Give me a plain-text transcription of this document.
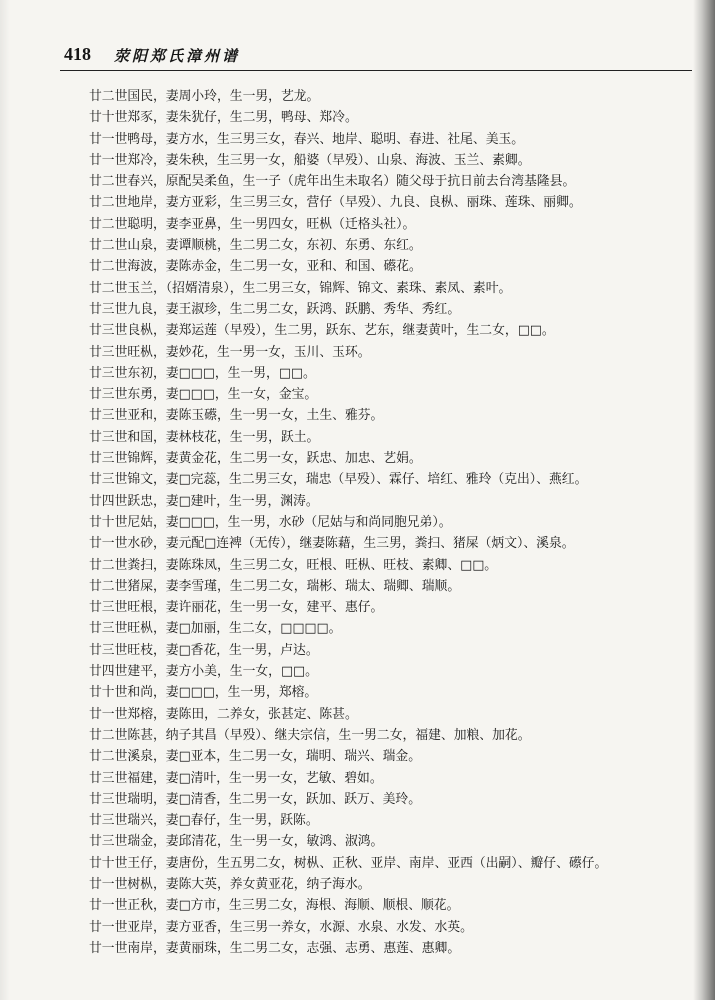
418 荥阳郑氏漳州谱
廿二世国民，妻周小玲，生一男，艺龙。
廿十世郑豕，妻朱犹仔，生二男，鸭母、郑冷。
廿一世鸭母，妻方水，生三男三女，春兴、地岸、聪明、春进、社尾、美玉。
廿一世郑冷，妻朱秧，生三男一女，船婆（早殁）、山泉、海波、玉兰、素卿。
廿二世春兴，原配吴柔鱼，生一子（虎年出生未取名）随父母于抗日前去台湾基隆县。
廿二世地岸，妻方亚彩，生三男三女，营仔（早殁）、九良、良枞、丽珠、莲珠、丽卿。
廿二世聪明，妻李亚鼻，生一男四女，旺枞（迁格头社）。
廿二世山泉，妻谭顺桃，生二男二女，东初、东勇、东红。
廿二世海波，妻陈赤金，生二男一女，亚和、和国、礤花。
廿二世玉兰，（招婿清泉），生二男三女，锦辉、锦文、素珠、素凤、素叶。
廿三世九良，妻王淑珍，生二男二女，跃鸿、跃鹏、秀华、秀红。
廿三世良枞，妻郑运莲（早殁），生二男，跃东、艺东，继妻黄叶，生二女，□□。
廿三世旺枞，妻妙花，生一男一女，玉川、玉环。
廿三世东初，妻□□□，生一男，□□。
廿三世东勇，妻□□□，生一女，金宝。
廿三世亚和，妻陈玉礤，生一男一女，土生、雅芬。
廿三世和国，妻林枝花，生一男，跃土。
廿三世锦辉，妻黄金花，生二男一女，跃忠、加忠、艺娟。
廿三世锦文，妻□完蕊，生二男三女，瑞忠（早殁）、霖仔、培红、雅玲（克出）、燕红。
廿四世跃忠，妻□建叶，生一男，渊涛。
廿十世尼姑，妻□□□，生一男，水砂（尼姑与和尚同胞兄弟）。
廿一世水砂，妻元配□连裨（无传），继妻陈藉，生三男，粪扫、猪屎（炳文）、溪泉。
廿二世粪扫，妻陈珠凤，生三男二女，旺根、旺枞、旺枝、素卿、□□。
廿二世猪屎，妻李雪瑾，生二男二女，瑞彬、瑞太、瑞卿、瑞顺。
廿三世旺根，妻许丽花，生一男一女，建平、惠仔。
廿三世旺枞，妻□加丽，生二女，□□□□。
廿三世旺枝，妻□香花，生一男，卢达。
廿四世建平，妻方小美，生一女，□□。
廿十世和尚，妻□□□，生一男，郑榕。
廿一世郑榕，妻陈田，二养女，张甚定、陈甚。
廿二世陈甚，纳子其昌（早殁）、继夫宗信，生一男二女，福建、加粮、加花。
廿二世溪泉，妻□亚本，生二男一女，瑞明、瑞兴、瑞金。
廿三世福建，妻□清叶，生一男一女，艺敏、碧如。
廿三世瑞明，妻□清香，生二男一女，跃加、跃万、美玲。
廿三世瑞兴，妻□春仔，生一男，跃陈。
廿三世瑞金，妻邱清花，生一男一女，敏鸿、淑鸿。
廿十世王仔，妻唐份，生五男二女，树枞、正秋、亚岸、南岸、亚西（出嗣）、瓣仔、礤仔。
廿一世树枞，妻陈大英，养女黄亚花，纳子海水。
廿一世正秋，妻□方市，生三男二女，海根、海顺、顺根、顺花。
廿一世亚岸，妻方亚香，生三男一养女，水源、水泉、水发、水英。
廿一世南岸，妻黄丽珠，生二男二女，志强、志勇、惠莲、惠卿。
